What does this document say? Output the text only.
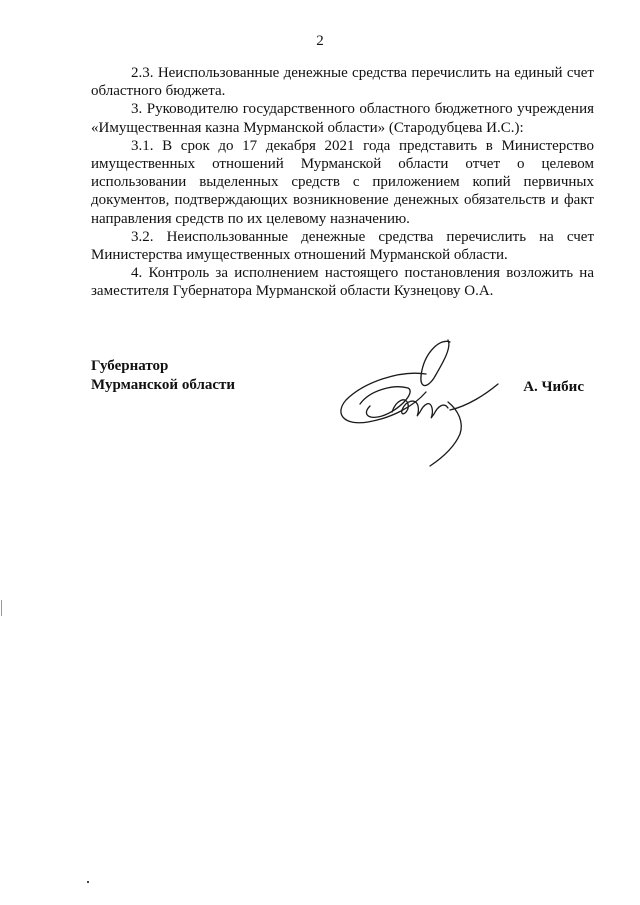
2

2.3. Неиспользованные денежные средства перечислить на единый счет областного бюджета.

3. Руководителю государственного областного бюджетного учреждения «Имущественная казна Мурманской области» (Стародубцева И.С.):

3.1. В срок до 17 декабря 2021 года представить в Министерство имущественных отношений Мурманской области отчет о целевом использовании выделенных средств с приложением копий первичных документов, подтверждающих возникновение денежных обязательств и факт направления средств по их целевому назначению.

3.2. Неиспользованные денежные средства перечислить на счет Министерства имущественных отношений Мурманской области.

4. Контроль за исполнением настоящего постановления возложить на заместителя Губернатора Мурманской области Кузнецову О.А.

Губернатор
Мурманской области	А. Чибис
